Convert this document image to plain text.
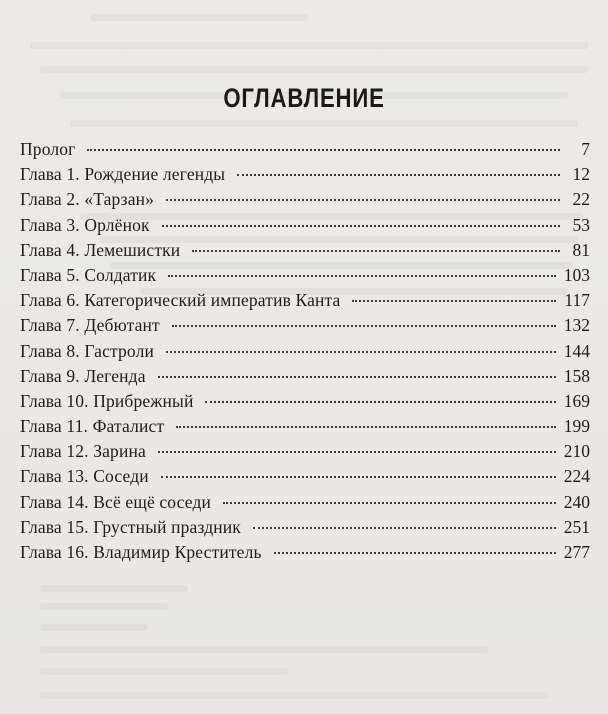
ОГЛАВЛЕНИЕ
Пролог	7
Глава 1. Рождение легенды	12
Глава 2. «Тарзан»	22
Глава 3. Орлёнок	53
Глава 4. Лемешистки	81
Глава 5. Солдатик	103
Глава 6. Категорический императив Канта	117
Глава 7. Дебютант	132
Глава 8. Гастроли	144
Глава 9. Легенда	158
Глава 10. Прибрежный	169
Глава 11. Фаталист	199
Глава 12. Зарина	210
Глава 13. Соседи	224
Глава 14. Всё ещё соседи	240
Глава 15. Грустный праздник	251
Глава 16. Владимир Креститель	277
